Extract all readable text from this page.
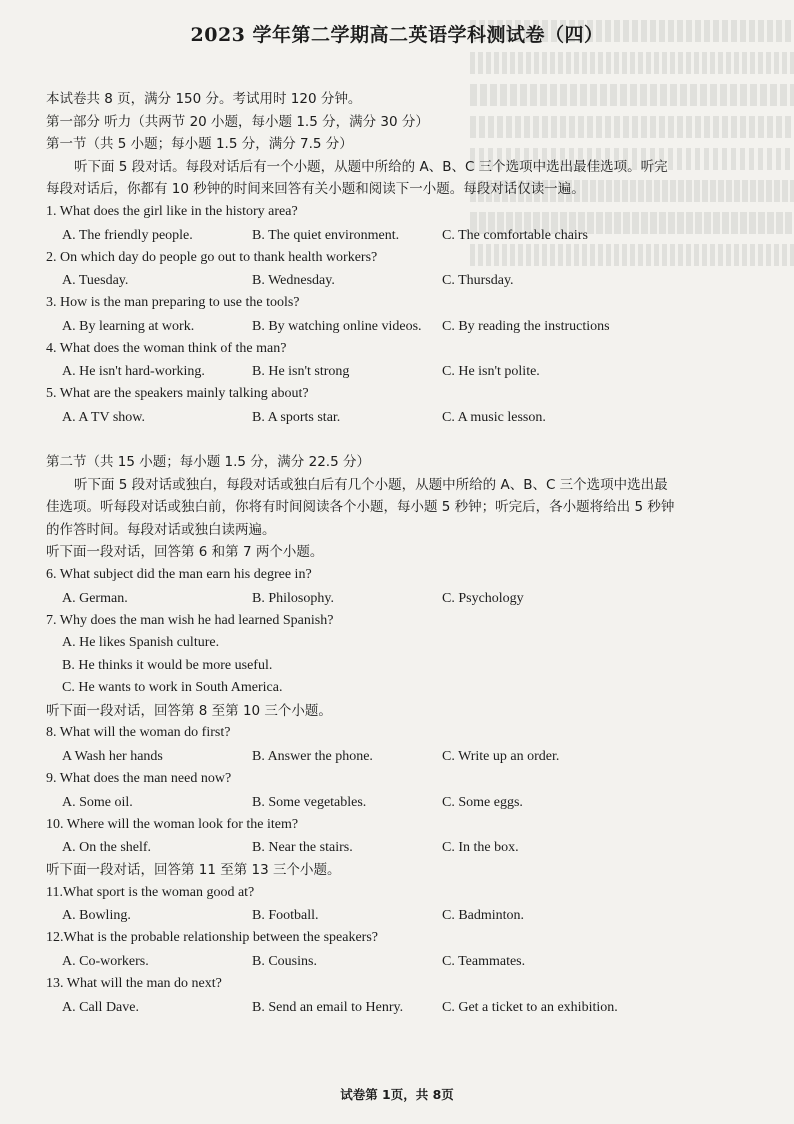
2023 学年第二学期高二英语学科测试卷（四）
本试卷共 8 页，满分 150 分。考试用时 120 分钟。
第一部分 听力（共两节 20 小题，每小题 1.5 分，满分 30 分）
第一节（共 5 小题；每小题 1.5 分，满分 7.5 分）
听下面 5 段对话。每段对话后有一个小题，从题中所给的 A、B、C 三个选项中选出最佳选项。听完
每段对话后，你都有 10 秒钟的时间来回答有关小题和阅读下一小题。每段对话仅读一遍。
1. What does the girl like in the history area?
A. The friendly people.	B. The quiet environment.	C. The comfortable chairs
2. On which day do people go out to thank health workers?
A. Tuesday.	B. Wednesday.	C. Thursday.
3. How is the man preparing to use the tools?
A. By learning at work.	B. By watching online videos. C. By reading the instructions
4. What does the woman think of the man?
A. He isn't hard-working.	B. He isn't strong	C. He isn't polite.
5. What are the speakers mainly talking about?
A. A TV show.	B. A sports star.	C. A music lesson.
第二节（共 15 小题；每小题 1.5 分，满分 22.5 分）
听下面 5 段对话或独白，每段对话或独白后有几个小题，从题中所给的 A、B、C 三个选项中选出最
佳选项。听每段对话或独白前，你将有时间阅读各个小题，每小题 5 秒钟；听完后，各小题将给出 5 秒钟
的作答时间。每段对话或独白读两遍。
听下面一段对话，回答第 6 和第 7 两个小题。
6. What subject did the man earn his degree in?
A. German.	B. Philosophy.	C. Psychology
7. Why does the man wish he had learned Spanish?
A. He likes Spanish culture.
B. He thinks it would be more useful.
C. He wants to work in South America.
听下面一段对话，回答第 8 至第 10 三个小题。
8. What will the woman do first?
A Wash her hands	B. Answer the phone.	C. Write up an order.
9. What does the man need now?
A. Some oil.	B. Some vegetables.	C. Some eggs.
10. Where will the woman look for the item?
A. On the shelf.	B. Near the stairs.	C. In the box.
听下面一段对话，回答第 11 至第 13 三个小题。
11.What sport is the woman good at?
A. Bowling.	B. Football.	C. Badminton.
12.What is the probable relationship between the speakers?
A. Co-workers.	B. Cousins.	C. Teammates.
13. What will the man do next?
A. Call Dave.	B. Send an email to Henry.	C. Get a ticket to an exhibition.
试卷第 1页，共 8页
